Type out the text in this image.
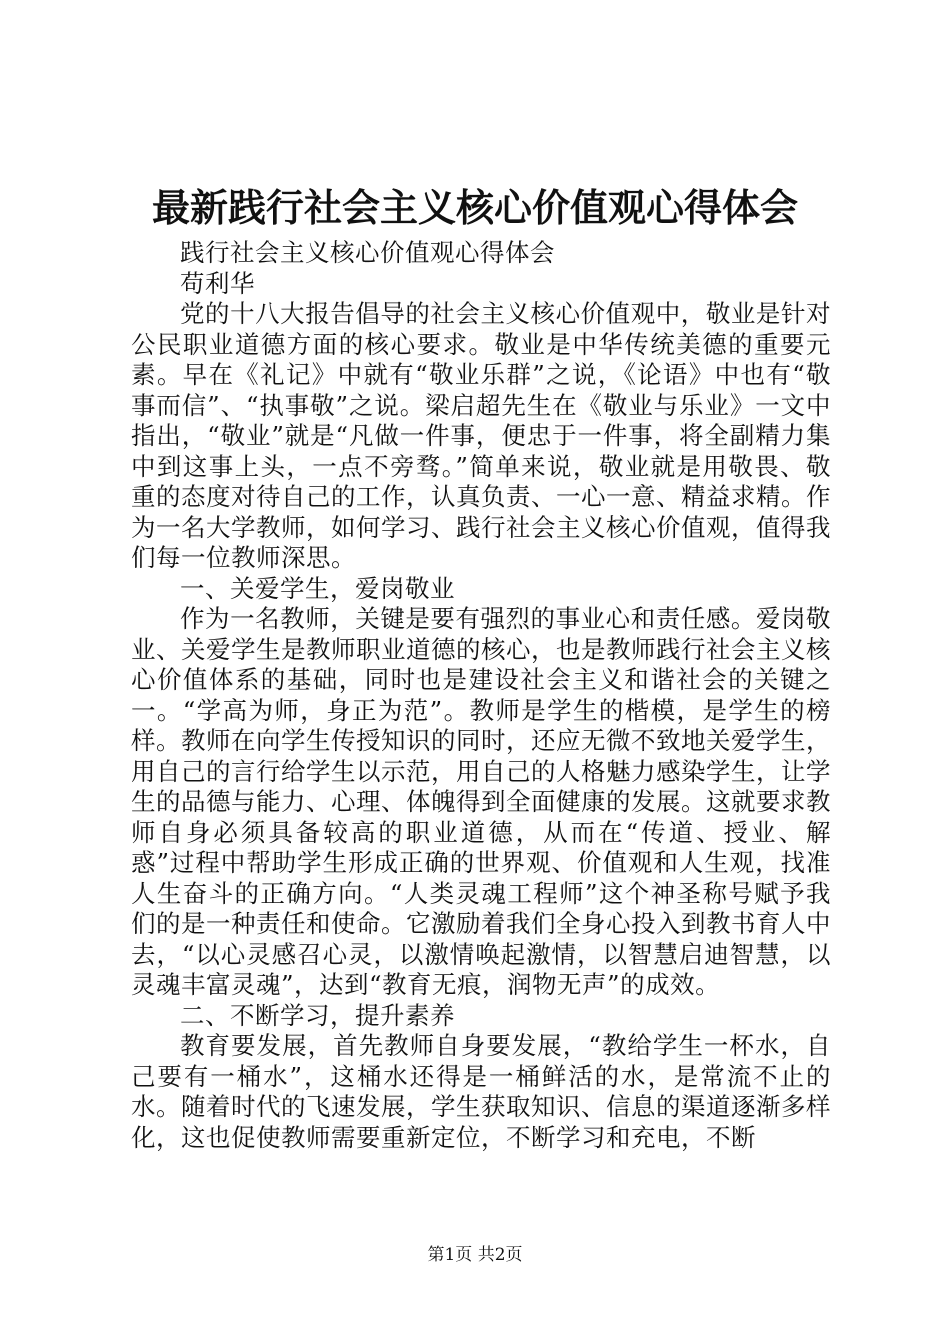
最新践行社会主义核心价值观心得体会

践行社会主义核心价值观心得体会

苟利华

党的十八大报告倡导的社会主义核心价值观中，敬业是针对公民职业道德方面的核心要求。敬业是中华传统美德的重要元素。早在《礼记》中就有“敬业乐群”之说，《论语》中也有“敬事而信”、“执事敬”之说。梁启超先生在《敬业与乐业》一文中指出，“敬业”就是“凡做一件事，便忠于一件事，将全副精力集中到这事上头，一点不旁骛。”简单来说，敬业就是用敬畏、敬重的态度对待自己的工作，认真负责、一心一意、精益求精。作为一名大学教师，如何学习、践行社会主义核心价值观，值得我们每一位教师深思。

一、关爱学生，爱岗敬业

作为一名教师，关键是要有强烈的事业心和责任感。爱岗敬业、关爱学生是教师职业道德的核心，也是教师践行社会主义核心价值体系的基础，同时也是建设社会主义和谐社会的关键之一。“学高为师，身正为范”。教师是学生的楷模，是学生的榜样。教师在向学生传授知识的同时，还应无微不致地关爱学生，用自己的言行给学生以示范，用自己的人格魅力感染学生，让学生的品德与能力、心理、体魄得到全面健康的发展。这就要求教师自身必须具备较高的职业道德，从而在“传道、授业、解惑”过程中帮助学生形成正确的世界观、价值观和人生观，找准人生奋斗的正确方向。“人类灵魂工程师”这个神圣称号赋予我们的是一种责任和使命。它激励着我们全身心投入到教书育人中去，“以心灵感召心灵，以激情唤起激情，以智慧启迪智慧，以灵魂丰富灵魂”，达到“教育无痕，润物无声”的成效。

二、不断学习，提升素养

教育要发展，首先教师自身要发展，“教给学生一杯水，自己要有一桶水”，这桶水还得是一桶鲜活的水，是常流不止的水。随着时代的飞速发展，学生获取知识、信息的渠道逐渐多样化，这也促使教师需要重新定位，不断学习和充电，不断

第1页 共2页
